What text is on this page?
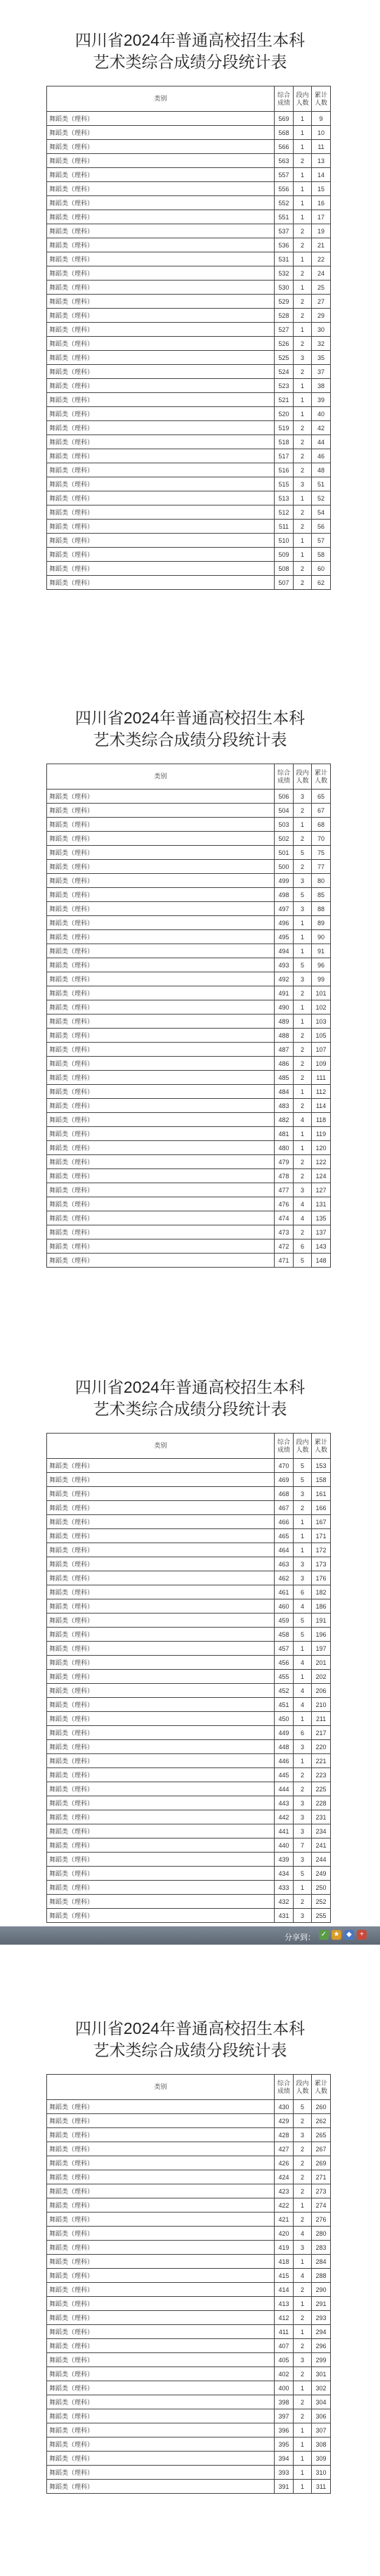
四川省2024年普通高校招生本科
艺术类综合成绩分段统计表
类别	综合成绩	段内人数	累计人数
舞蹈类（理科）	569	1	9
舞蹈类（理科）	568	1	10
舞蹈类（理科）	566	1	11
舞蹈类（理科）	563	2	13
舞蹈类（理科）	557	1	14
舞蹈类（理科）	556	1	15
舞蹈类（理科）	552	1	16
舞蹈类（理科）	551	1	17
舞蹈类（理科）	537	2	19
舞蹈类（理科）	536	2	21
舞蹈类（理科）	531	1	22
舞蹈类（理科）	532	2	24
舞蹈类（理科）	530	1	25
舞蹈类（理科）	529	2	27
舞蹈类（理科）	528	2	29
舞蹈类（理科）	527	1	30
舞蹈类（理科）	526	2	32
舞蹈类（理科）	525	3	35
舞蹈类（理科）	524	2	37
舞蹈类（理科）	523	1	38
舞蹈类（理科）	521	1	39
舞蹈类（理科）	520	1	40
舞蹈类（理科）	519	2	42
舞蹈类（理科）	518	2	44
舞蹈类（理科）	517	2	46
舞蹈类（理科）	516	2	48
舞蹈类（理科）	515	3	51
舞蹈类（理科）	513	1	52
舞蹈类（理科）	512	2	54
舞蹈类（理科）	511	2	56
舞蹈类（理科）	510	1	57
舞蹈类（理科）	509	1	58
舞蹈类（理科）	508	2	60
舞蹈类（理科）	507	2	62
四川省2024年普通高校招生本科
艺术类综合成绩分段统计表
类别	综合成绩	段内人数	累计人数
舞蹈类（理科）	506	3	65
舞蹈类（理科）	504	2	67
舞蹈类（理科）	503	1	68
舞蹈类（理科）	502	2	70
舞蹈类（理科）	501	5	75
舞蹈类（理科）	500	2	77
舞蹈类（理科）	499	3	80
舞蹈类（理科）	498	5	85
舞蹈类（理科）	497	3	88
舞蹈类（理科）	496	1	89
舞蹈类（理科）	495	1	90
舞蹈类（理科）	494	1	91
舞蹈类（理科）	493	5	96
舞蹈类（理科）	492	3	99
舞蹈类（理科）	491	2	101
舞蹈类（理科）	490	1	102
舞蹈类（理科）	489	1	103
舞蹈类（理科）	488	2	105
舞蹈类（理科）	487	2	107
舞蹈类（理科）	486	2	109
舞蹈类（理科）	485	2	111
舞蹈类（理科）	484	1	112
舞蹈类（理科）	483	2	114
舞蹈类（理科）	482	4	118
舞蹈类（理科）	481	1	119
舞蹈类（理科）	480	1	120
舞蹈类（理科）	479	2	122
舞蹈类（理科）	478	2	124
舞蹈类（理科）	477	3	127
舞蹈类（理科）	476	4	131
舞蹈类（理科）	474	4	135
舞蹈类（理科）	473	2	137
舞蹈类（理科）	472	6	143
舞蹈类（理科）	471	5	148
四川省2024年普通高校招生本科
艺术类综合成绩分段统计表
类别	综合成绩	段内人数	累计人数
舞蹈类（理科）	470	5	153
舞蹈类（理科）	469	5	158
舞蹈类（理科）	468	3	161
舞蹈类（理科）	467	2	166
舞蹈类（理科）	466	1	167
舞蹈类（理科）	465	1	171
舞蹈类（理科）	464	1	172
舞蹈类（理科）	463	3	173
舞蹈类（理科）	462	3	176
舞蹈类（理科）	461	6	182
舞蹈类（理科）	460	4	186
舞蹈类（理科）	459	5	191
舞蹈类（理科）	458	5	196
舞蹈类（理科）	457	1	197
舞蹈类（理科）	456	4	201
舞蹈类（理科）	455	1	202
舞蹈类（理科）	452	4	206
舞蹈类（理科）	451	4	210
舞蹈类（理科）	450	1	211
舞蹈类（理科）	449	6	217
舞蹈类（理科）	448	3	220
舞蹈类（理科）	446	1	221
舞蹈类（理科）	445	2	223
舞蹈类（理科）	444	2	225
舞蹈类（理科）	443	3	228
舞蹈类（理科）	442	3	231
舞蹈类（理科）	441	3	234
舞蹈类（理科）	440	7	241
舞蹈类（理科）	439	3	244
舞蹈类（理科）	434	5	249
舞蹈类（理科）	433	1	250
舞蹈类（理科）	432	2	252
舞蹈类（理科）	431	3	255
分享到： ✓ ★ ◆	+
四川省2024年普通高校招生本科
艺术类综合成绩分段统计表
类别	综合成绩	段内人数	累计人数
舞蹈类（理科）	430	5	260
舞蹈类（理科）	429	2	262
舞蹈类（理科）	428	3	265
舞蹈类（理科）	427	2	267
舞蹈类（理科）	426	2	269
舞蹈类（理科）	424	2	271
舞蹈类（理科）	423	2	273
舞蹈类（理科）	422	1	274
舞蹈类（理科）	421	2	276
舞蹈类（理科）	420	4	280
舞蹈类（理科）	419	3	283
舞蹈类（理科）	418	1	284
舞蹈类（理科）	415	4	288
舞蹈类（理科）	414	2	290
舞蹈类（理科）	413	1	291
舞蹈类（理科）	412	2	293
舞蹈类（理科）	411	1	294
舞蹈类（理科）	407	2	296
舞蹈类（理科）	405	3	299
舞蹈类（理科）	402	2	301
舞蹈类（理科）	400	1	302
舞蹈类（理科）	398	2	304
舞蹈类（理科）	397	2	306
舞蹈类（理科）	396	1	307
舞蹈类（理科）	395	1	308
舞蹈类（理科）	394	1	309
舞蹈类（理科）	393	1	310
舞蹈类（理科）	391	1	311
